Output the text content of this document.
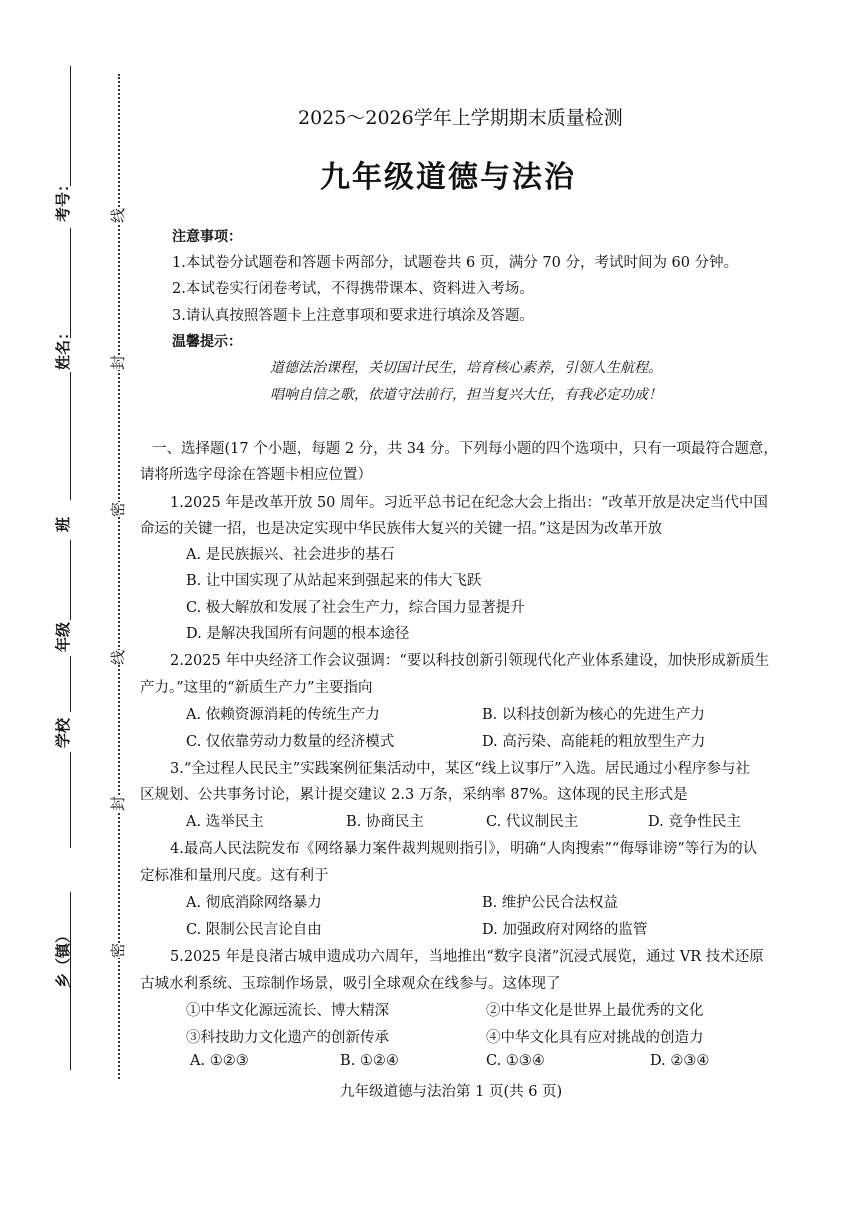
考号：
姓名：
班
年级
学校
乡（镇）
线
封
密
线
封
密
2025～2026学年上学期期末质量检测
九年级道德与法治
注意事项：
1.本试卷分试题卷和答题卡两部分，试题卷共 6 页，满分 70 分，考试时间为 60 分钟。
2.本试卷实行闭卷考试，不得携带课本、资料进入考场。
3.请认真按照答题卡上注意事项和要求进行填涂及答题。
温馨提示：
道德法治课程，关切国计民生，培育核心素养，引领人生航程。
唱响自信之歌，依道守法前行，担当复兴大任，有我必定功成！
一、选择题(17 个小题，每题 2 分，共 34 分。下列每小题的四个选项中，只有一项最符合题意，
请将所选字母涂在答题卡相应位置）
1.2025 年是改革开放 50 周年。习近平总书记在纪念大会上指出：“改革开放是决定当代中国
命运的关键一招，也是决定实现中华民族伟大复兴的关键一招。”这是因为改革开放
A. 是民族振兴、社会进步的基石
B. 让中国实现了从站起来到强起来的伟大飞跃
C. 极大解放和发展了社会生产力，综合国力显著提升
D. 是解决我国所有问题的根本途径
2.2025 年中央经济工作会议强调：“要以科技创新引领现代化产业体系建设，加快形成新质生
产力。”这里的“新质生产力”主要指向
A. 依赖资源消耗的传统生产力	B. 以科技创新为核心的先进生产力
C. 仅依靠劳动力数量的经济模式	D. 高污染、高能耗的粗放型生产力
3.“全过程人民民主”实践案例征集活动中，某区“线上议事厅”入选。居民通过小程序参与社
区规划、公共事务讨论，累计提交建议 2.3 万条，采纳率 87%。这体现的民主形式是
A. 选举民主	B. 协商民主	C. 代议制民主	D. 竞争性民主
4.最高人民法院发布《网络暴力案件裁判规则指引》，明确“人肉搜索”“侮辱诽谤”等行为的认
定标准和量刑尺度。这有利于
A. 彻底消除网络暴力	B. 维护公民合法权益
C. 限制公民言论自由	D. 加强政府对网络的监管
5.2025 年是良渚古城申遗成功六周年，当地推出“数字良渚”沉浸式展览，通过 VR 技术还原
古城水利系统、玉琮制作场景，吸引全球观众在线参与。这体现了
①中华文化源远流长、博大精深	②中华文化是世界上最优秀的文化
③科技助力文化遗产的创新传承	④中华文化具有应对挑战的创造力
A. ①②③	B. ①②④	C. ①③④	D. ②③④
九年级道德与法治第 1 页(共 6 页)
